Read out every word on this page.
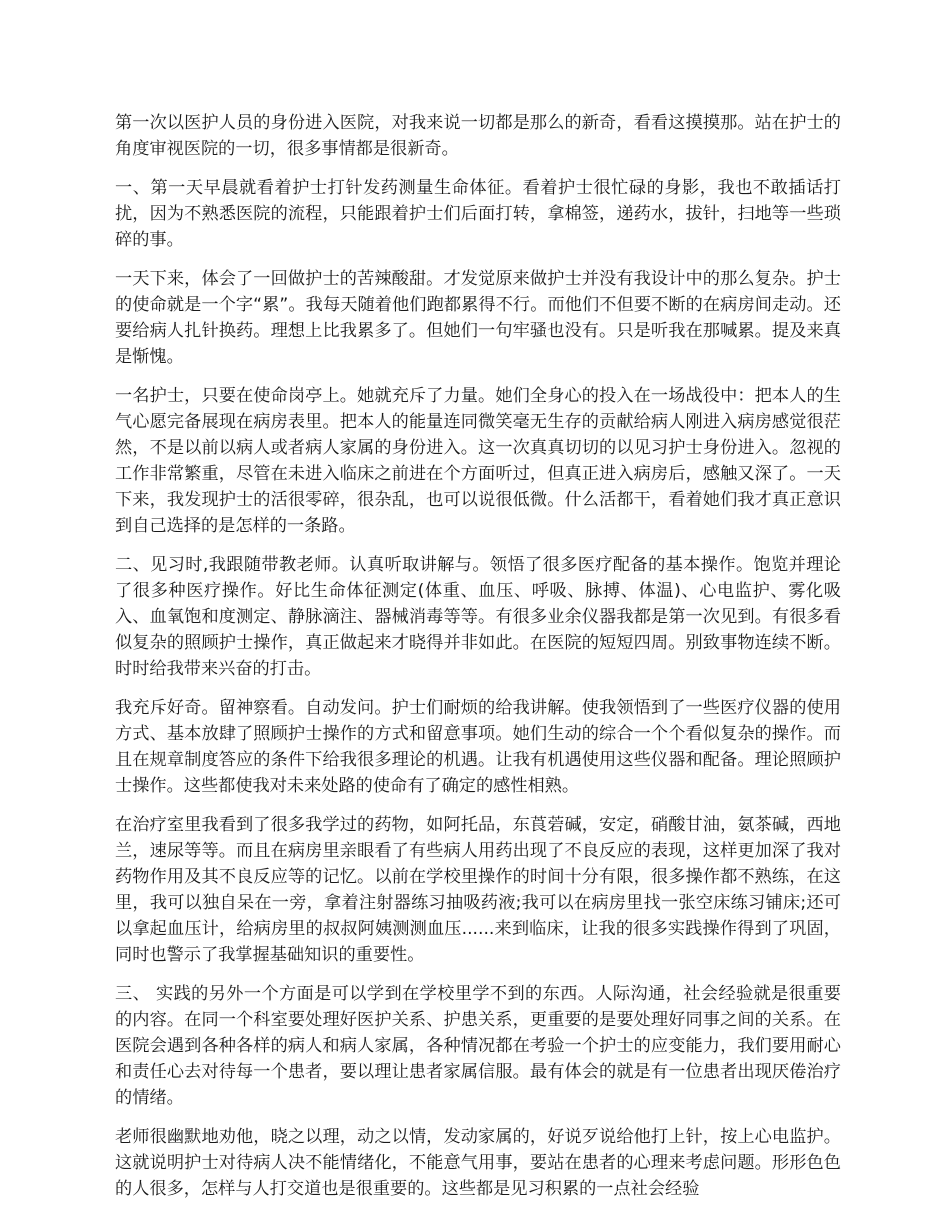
第一次以医护人员的身份进入医院，对我来说一切都是那么的新奇，看看这摸摸那。站在护士的角度审视医院的一切，很多事情都是很新奇。

一、第一天早晨就看着护士打针发药测量生命体征。看着护士很忙碌的身影，我也不敢插话打扰，因为不熟悉医院的流程，只能跟着护士们后面打转，拿棉签，递药水，拔针，扫地等一些琐碎的事。

一天下来，体会了一回做护士的苦辣酸甜。才发觉原来做护士并没有我设计中的那么复杂。护士的使命就是一个字“累”。我每天随着他们跑都累得不行。而他们不但要不断的在病房间走动。还要给病人扎针换药。理想上比我累多了。但她们一句牢骚也没有。只是听我在那喊累。提及来真是惭愧。

一名护士，只要在使命岗亭上。她就充斥了力量。她们全身心的投入在一场战役中：把本人的生气心愿完备展现在病房表里。把本人的能量连同微笑毫无生存的贡献给病人刚进入病房感觉很茫然，不是以前以病人或者病人家属的身份进入。这一次真真切切的以见习护士身份进入。忽视的工作非常繁重，尽管在未进入临床之前进在个方面听过，但真正进入病房后，感触又深了。一天下来，我发现护士的活很零碎，很杂乱，也可以说很低微。什么活都干，看着她们我才真正意识到自己选择的是怎样的一条路。

二、见习时,我跟随带教老师。认真听取讲解与。领悟了很多医疗配备的基本操作。饱览并理论了很多种医疗操作。好比生命体征测定(体重、血压、呼吸、脉搏、体温)、心电监护、雾化吸入、血氧饱和度测定、静脉滴注、器械消毒等等。有很多业余仪器我都是第一次见到。有很多看似复杂的照顾护士操作，真正做起来才晓得并非如此。在医院的短短四周。别致事物连续不断。时时给我带来兴奋的打击。

我充斥好奇。留神察看。自动发问。护士们耐烦的给我讲解。使我领悟到了一些医疗仪器的使用方式、基本放肆了照顾护士操作的方式和留意事项。她们生动的综合一个个看似复杂的操作。而且在规章制度答应的条件下给我很多理论的机遇。让我有机遇使用这些仪器和配备。理论照顾护士操作。这些都使我对未来处路的使命有了确定的感性相熟。

在治疗室里我看到了很多我学过的药物，如阿托品，东莨菪碱，安定，硝酸甘油，氨茶碱，西地兰，速尿等等。而且在病房里亲眼看了有些病人用药出现了不良反应的表现，这样更加深了我对药物作用及其不良反应等的记忆。以前在学校里操作的时间十分有限，很多操作都不熟练，在这里，我可以独自呆在一旁，拿着注射器练习抽吸药液;我可以在病房里找一张空床练习铺床;还可以拿起血压计，给病房里的叔叔阿姨测测血压......来到临床，让我的很多实践操作得到了巩固，同时也警示了我掌握基础知识的重要性。

三、 实践的另外一个方面是可以学到在学校里学不到的东西。人际沟通，社会经验就是很重要的内容。在同一个科室要处理好医护关系、护患关系，更重要的是要处理好同事之间的关系。在医院会遇到各种各样的病人和病人家属，各种情况都在考验一个护士的应变能力，我们要用耐心和责任心去对待每一个患者，要以理让患者家属信服。最有体会的就是有一位患者出现厌倦治疗的情绪。

老师很幽默地劝他，晓之以理，动之以情，发动家属的，好说歹说给他打上针，按上心电监护。这就说明护士对待病人决不能情绪化，不能意气用事，要站在患者的心理来考虑问题。形形色色的人很多，怎样与人打交道也是很重要的。这些都是见习积累的一点社会经验
